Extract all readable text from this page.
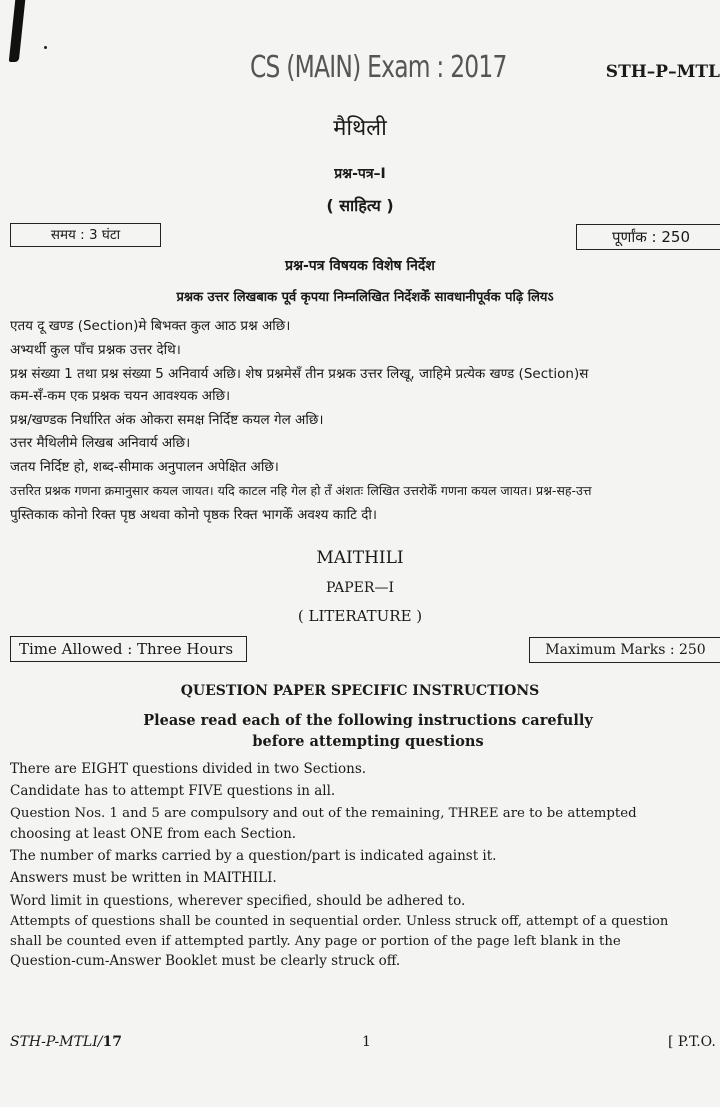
CS (MAIN) Exam : 2017	STH–P–MTL
मैथिली
प्रश्न-पत्र–I
( साहित्य )
समय : 3 घंटा	पूर्णांक : 250
प्रश्न-पत्र विषयक विशेष निर्देश
प्रश्नक उत्तर लिखबाक पूर्व कृपया निम्नलिखित निर्देशकेँ सावधानीपूर्वक पढ़ि लियऽ
एतय दू खण्ड (Section)मे बिभक्त कुल आठ प्रश्न अछि।
अभ्यर्थी कुल पाँच प्रश्नक उत्तर देथि।
प्रश्न संख्या 1 तथा प्रश्न संख्या 5 अनिवार्य अछि। शेष प्रश्नमेसँ तीन प्रश्नक उत्तर लिखू, जाहिमे प्रत्येक खण्ड (Section)स
कम-सँ-कम एक प्रश्नक चयन आवश्यक अछि।
प्रश्न/खण्डक निर्धारित अंक ओकरा समक्ष निर्दिष्ट कयल गेल अछि।
उत्तर मैथिलीमे लिखब अनिवार्य अछि।
जतय निर्दिष्ट हो, शब्द-सीमाक अनुपालन अपेक्षित अछि।
उत्तरित प्रश्नक गणना क्रमानुसार कयल जायत। यदि काटल नहि गेल हो तँ अंशतः लिखित उत्तरोकेँ गणना कयल जायत। प्रश्न-सह-उत्त
पुस्तिकाक कोनो रिक्त पृष्ठ अथवा कोनो पृष्ठक रिक्त भागकेँ अवश्य काटि दी।
MAITHILI
PAPER—I
( LITERATURE )
Time Allowed : Three Hours	Maximum Marks : 250
QUESTION PAPER SPECIFIC INSTRUCTIONS
Please read each of the following instructions carefully
before attempting questions
There are EIGHT questions divided in two Sections.
Candidate has to attempt FIVE questions in all.
Question Nos. 1 and 5 are compulsory and out of the remaining, THREE are to be attempted
choosing at least ONE from each Section.
The number of marks carried by a question/part is indicated against it.
Answers must be written in MAITHILI.
Word limit in questions, wherever specified, should be adhered to.
Attempts of questions shall be counted in sequential order. Unless struck off, attempt of a question
shall be counted even if attempted partly. Any page or portion of the page left blank in the
Question-cum-Answer Booklet must be clearly struck off.
STH-P-MTLI/17	1	[ P.T.O.
